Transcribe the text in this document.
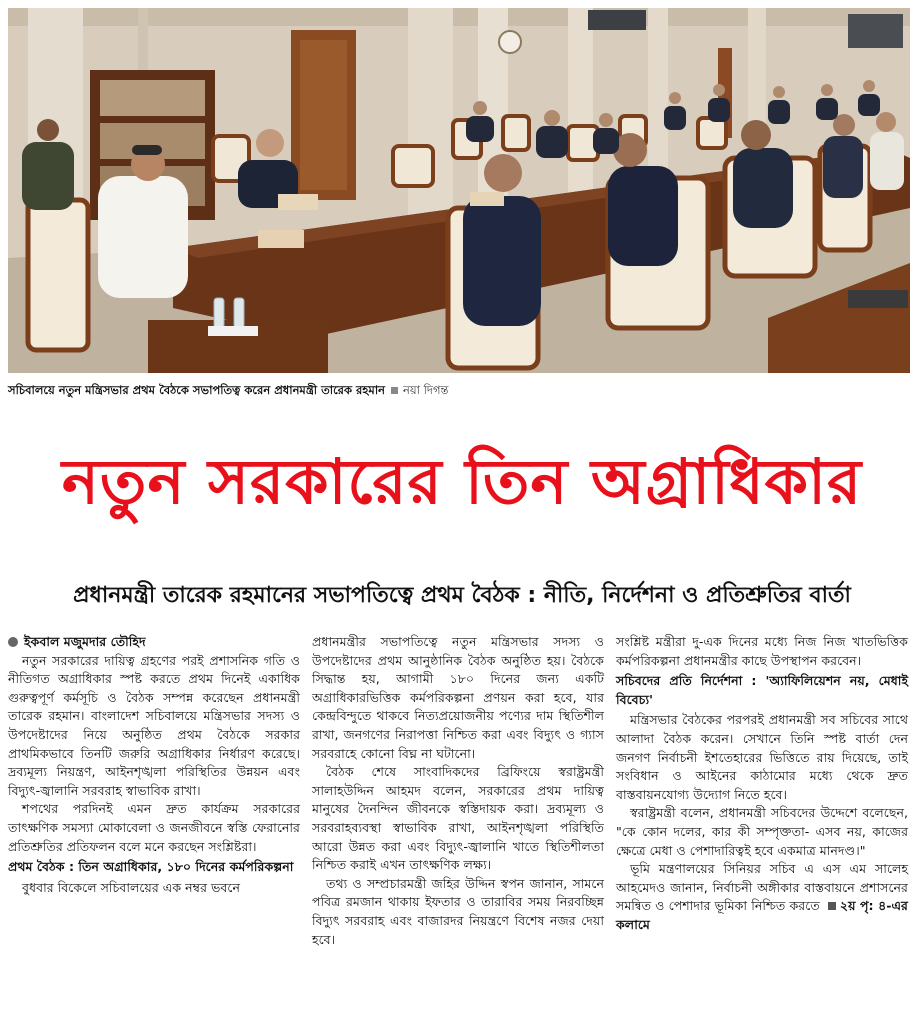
সচিবালয়ে নতুন মন্ত্রিসভার প্রথম বৈঠকে সভাপতিত্ব করেন প্রধানমন্ত্রী তারেক রহমান নয়া দিগন্ত
নতুন সরকারের তিন অগ্রাধিকার
প্রধানমন্ত্রী তারেক রহমানের সভাপতিত্বে প্রথম বৈঠক : নীতি, নির্দেশনা ও প্রতিশ্রুতির বার্তা

ইকবাল মজুমদার তৌহিদ

নতুন সরকারের দায়িত্ব গ্রহণের পরই প্রশাসনিক গতি ও নীতিগত অগ্রাধিকার স্পষ্ট করতে প্রথম দিনেই একাধিক গুরুত্বপূর্ণ কর্মসূচি ও বৈঠক সম্পন্ন করেছেন প্রধানমন্ত্রী তারেক রহমান। বাংলাদেশ সচিবালয়ে মন্ত্রিসভার সদস্য ও উপদেষ্টাদের নিয়ে অনুষ্ঠিত প্রথম বৈঠকে সরকার প্রাথমিকভাবে তিনটি জরুরি অগ্রাধিকার নির্ধারণ করেছে। দ্রব্যমূল্য নিয়ন্ত্রণ, আইনশৃঙ্খলা পরিস্থিতির উন্নয়ন এবং বিদ্যুৎ-জ্বালানি সরবরাহ স্বাভাবিক রাখা।

শপথের পরদিনই এমন দ্রুত কার্যক্রম সরকারের তাৎক্ষণিক সমস্যা মোকাবেলা ও জনজীবনে স্বস্তি ফেরানোর প্রতিশ্রুতির প্রতিফলন বলে মনে করছেন সংশ্লিষ্টরা।

প্রথম বৈঠক : তিন অগ্রাধিকার, ১৮০ দিনের কর্মপরিকল্পনা

বুধবার বিকেলে সচিবালয়ের এক নম্বর ভবনে

প্রধানমন্ত্রীর সভাপতিত্বে নতুন মন্ত্রিসভার সদস্য ও উপদেষ্টাদের প্রথম আনুষ্ঠানিক বৈঠক অনুষ্ঠিত হয়। বৈঠকে সিদ্ধান্ত হয়, আগামী ১৮০ দিনের জন্য একটি অগ্রাধিকারভিত্তিক কর্মপরিকল্পনা প্রণয়ন করা হবে, যার কেন্দ্রবিন্দুতে থাকবে নিত্যপ্রয়োজনীয় পণ্যের দাম স্থিতিশীল রাখা, জনগণের নিরাপত্তা নিশ্চিত করা এবং বিদ্যুৎ ও গ্যাস সরবরাহে কোনো বিঘ্ন না ঘটানো।

বৈঠক শেষে সাংবাদিকদের ব্রিফিংয়ে স্বরাষ্ট্রমন্ত্রী সালাহউদ্দিন আহমদ বলেন, সরকারের প্রথম দায়িত্ব মানুষের দৈনন্দিন জীবনকে স্বস্তিদায়ক করা। দ্রব্যমূল্য ও সরবরাহব্যবস্থা স্বাভাবিক রাখা, আইনশৃঙ্খলা পরিস্থিতি আরো উন্নত করা এবং বিদ্যুৎ-জ্বালানি খাতে স্থিতিশীলতা নিশ্চিত করাই এখন তাৎক্ষণিক লক্ষ্য।

তথ্য ও সম্প্রচারমন্ত্রী জহির উদ্দিন স্বপন জানান, সামনে পবিত্র রমজান থাকায় ইফতার ও তারাবির সময় নিরবচ্ছিন্ন বিদ্যুৎ সরবরাহ এবং বাজারদর নিয়ন্ত্রণে বিশেষ নজর দেয়া হবে।

সংশ্লিষ্ট মন্ত্রীরা দু-এক দিনের মধ্যে নিজ নিজ খাতভিত্তিক কর্মপরিকল্পনা প্রধানমন্ত্রীর কাছে উপস্থাপন করবেন।

সচিবদের প্রতি নির্দেশনা : 'অ্যাফিলিয়েশন নয়, মেধাই বিবেচ্য'

মন্ত্রিসভার বৈঠকের পরপরই প্রধানমন্ত্রী সব সচিবের সাথে আলাদা বৈঠক করেন। সেখানে তিনি স্পষ্ট বার্তা দেন জনগণ নির্বাচনী ইশতেহারের ভিত্তিতে রায় দিয়েছে, তাই সংবিধান ও আইনের কাঠামোর মধ্যে থেকে দ্রুত বাস্তবায়নযোগ্য উদ্যোগ নিতে হবে।

স্বরাষ্ট্রমন্ত্রী বলেন, প্রধানমন্ত্রী সচিবদের উদ্দেশে বলেছেন, "কে কোন দলের, কার কী সম্পৃক্ততা- এসব নয়, কাজের ক্ষেত্রে মেধা ও পেশাদারিত্বই হবে একমাত্র মানদণ্ড।"

ভূমি মন্ত্রণালয়ের সিনিয়র সচিব এ এস এম সালেহ আহমেদও জানান, নির্বাচনী অঙ্গীকার বাস্তবায়নে প্রশাসনের সমন্বিত ও পেশাদার ভূমিকা নিশ্চিত করতে ২য় পৃ: ৪-এর কলামে
